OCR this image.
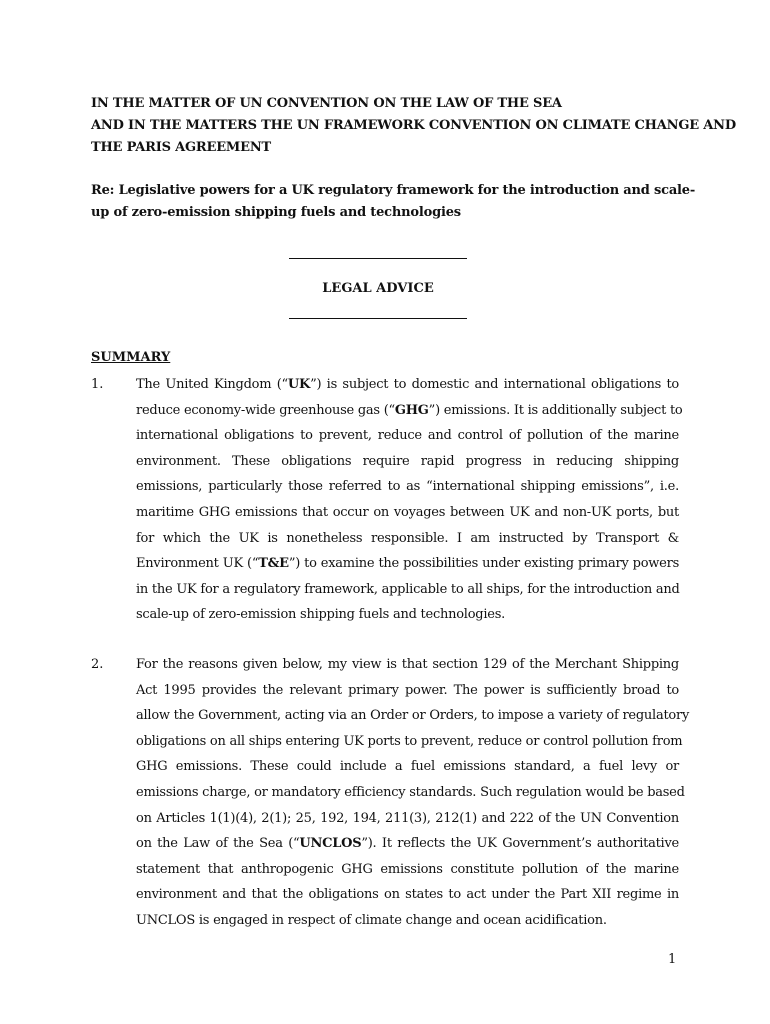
IN THE MATTER OF UN CONVENTION ON THE LAW OF THE SEA
AND IN THE MATTERS THE UN FRAMEWORK CONVENTION ON CLIMATE CHANGE AND
THE PARIS AGREEMENT
Re: Legislative powers for a UK regulatory framework for the introduction and scale-
up of zero-emission shipping fuels and technologies
LEGAL ADVICE
SUMMARY
1.	The United Kingdom (“UK”) is subject to domestic and international obligations to
reduce economy-wide greenhouse gas (“GHG”) emissions. It is additionally subject to
international obligations to prevent, reduce and control of pollution of the marine
environment. These obligations require rapid progress in reducing shipping
emissions, particularly those referred to as “international shipping emissions”, i.e.
maritime GHG emissions that occur on voyages between UK and non-UK ports, but
for which the UK is nonetheless responsible. I am instructed by Transport &
Environment UK (“T&E”) to examine the possibilities under existing primary powers
in the UK for a regulatory framework, applicable to all ships, for the introduction and
scale-up of zero-emission shipping fuels and technologies.
2.	For the reasons given below, my view is that section 129 of the Merchant Shipping
Act 1995 provides the relevant primary power. The power is sufficiently broad to
allow the Government, acting via an Order or Orders, to impose a variety of regulatory
obligations on all ships entering UK ports to prevent, reduce or control pollution from
GHG emissions. These could include a fuel emissions standard, a fuel levy or
emissions charge, or mandatory efficiency standards. Such regulation would be based
on Articles 1(1)(4), 2(1); 25, 192, 194, 211(3), 212(1) and 222 of the UN Convention
on the Law of the Sea (“UNCLOS”). It reflects the UK Government’s authoritative
statement that anthropogenic GHG emissions constitute pollution of the marine
environment and that the obligations on states to act under the Part XII regime in
UNCLOS is engaged in respect of climate change and ocean acidification.
1
